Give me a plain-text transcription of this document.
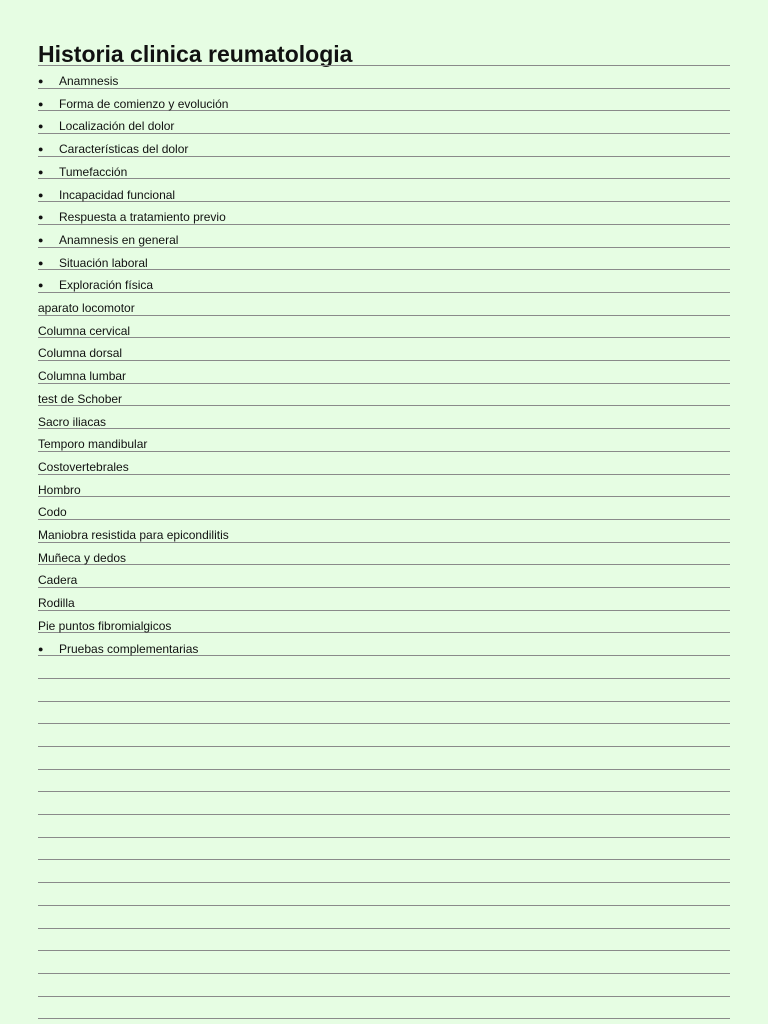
Historia clinica reumatologia
● Anamnesis
● Forma de comienzo y evolución
● Localización del dolor
● Características del dolor
● Tumefacción
● Incapacidad funcional
● Respuesta a tratamiento previo
● Anamnesis en general
● Situación laboral
● Exploración física
aparato locomotor
Columna cervical
Columna dorsal
Columna lumbar
test de Schober
Sacro iliacas
Temporo mandibular
Costovertebrales
Hombro
Codo
Maniobra resistida para epicondilitis
Muñeca y dedos
Cadera
Rodilla
Pie puntos fibromialgicos
● Pruebas complementarias
